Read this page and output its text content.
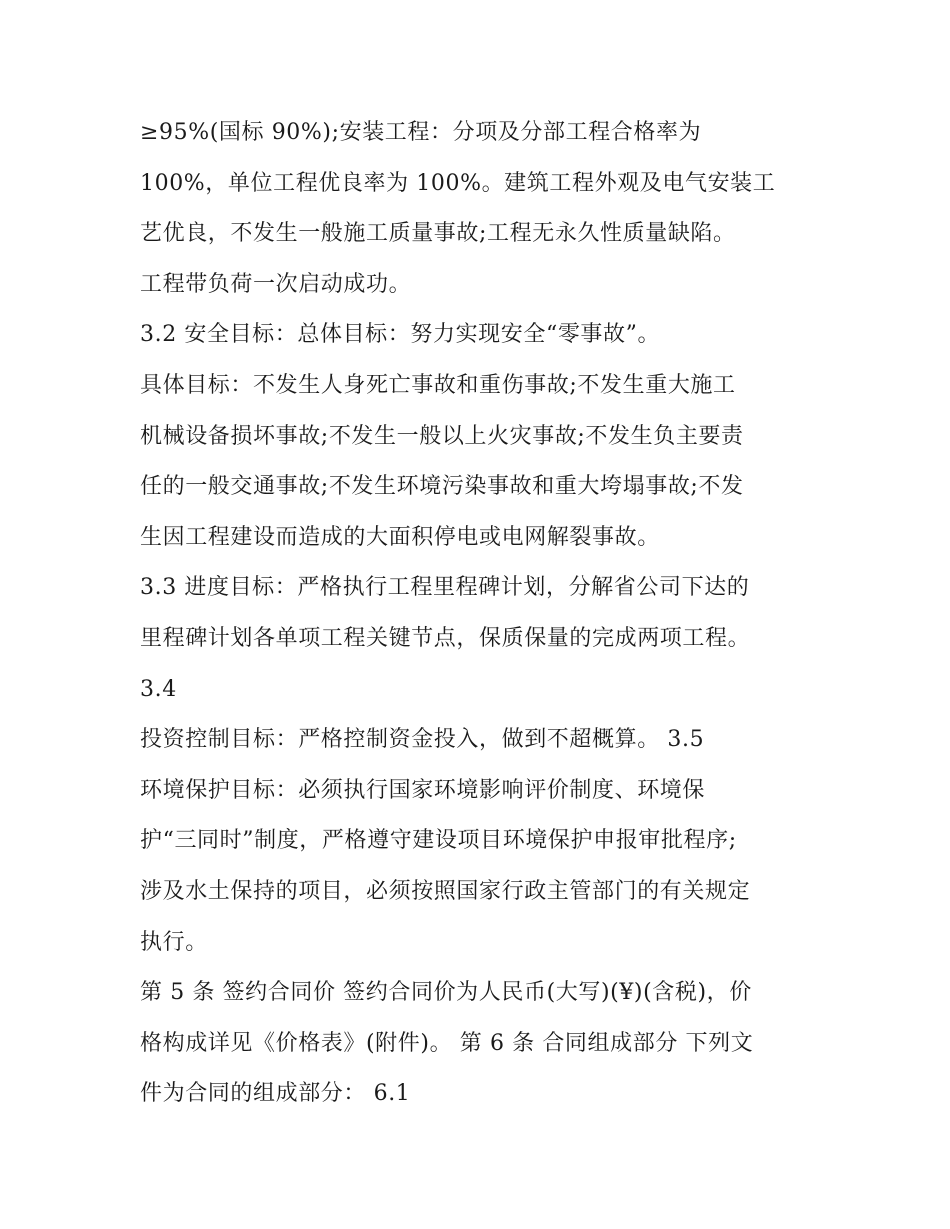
≥95%(国标 90%);安装工程：分项及分部工程合格率为
100%，单位工程优良率为 100%。建筑工程外观及电气安装工
艺优良，不发生一般施工质量事故;工程无永久性质量缺陷。
工程带负荷一次启动成功。
3.2 安全目标：总体目标：努力实现安全“零事故”。
具体目标：不发生人身死亡事故和重伤事故;不发生重大施工
机械设备损坏事故;不发生一般以上火灾事故;不发生负主要责
任的一般交通事故;不发生环境污染事故和重大垮塌事故;不发
生因工程建设而造成的大面积停电或电网解裂事故。
3.3 进度目标：严格执行工程里程碑计划，分解省公司下达的
里程碑计划各单项工程关键节点，保质保量的完成两项工程。
3.4
投资控制目标：严格控制资金投入，做到不超概算。 3.5
环境保护目标：必须执行国家环境影响评价制度、环境保
护“三同时”制度，严格遵守建设项目环境保护申报审批程序;
涉及水土保持的项目，必须按照国家行政主管部门的有关规定
执行。
第 5 条 签约合同价 签约合同价为人民币(大写)(¥)(含税)，价
格构成详见《价格表》(附件)。 第 6 条 合同组成部分 下列文
件为合同的组成部分： 6.1
